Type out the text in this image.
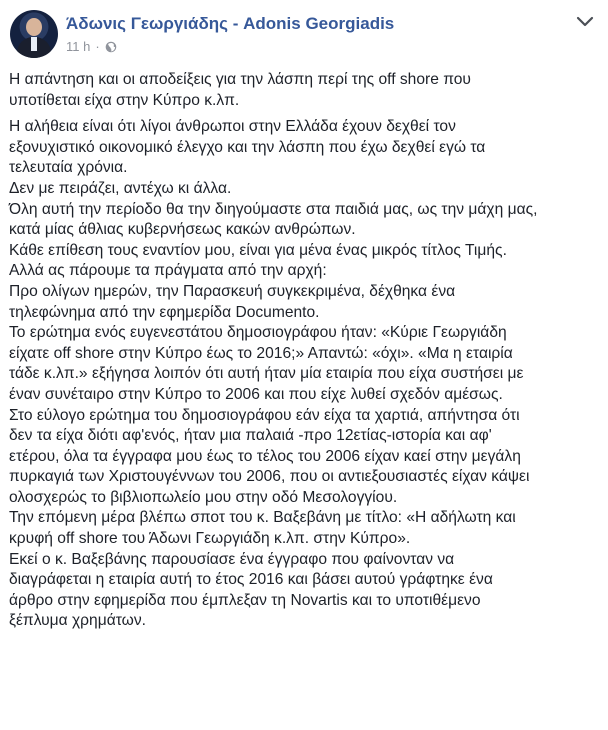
Άδωνις Γεωργιάδης - Adonis Georgiadis
11 h ·

Η απάντηση και οι αποδείξεις για την λάσπη περί της off shore που
υποτίθεται είχα στην Κύπρο κ.λπ.

Η αλήθεια είναι ότι λίγοι άνθρωποι στην Ελλάδα έχουν δεχθεί τον
εξονυχιστικό οικονομικό έλεγχο και την λάσπη που έχω δεχθεί εγώ τα
τελευταία χρόνια.
Δεν με πειράζει, αντέχω κι άλλα.
Όλη αυτή την περίοδο θα την διηγούμαστε στα παιδιά μας, ως την μάχη μας,
κατά μίας άθλιας κυβερνήσεως κακών ανθρώπων.
Κάθε επίθεση τους εναντίον μου, είναι για μένα ένας μικρός τίτλος Τιμής.
Αλλά ας πάρουμε τα πράγματα από την αρχή:
Προ ολίγων ημερών, την Παρασκευή συγκεκριμένα, δέχθηκα ένα
τηλεφώνημα από την εφημερίδα Documento.
Το ερώτημα ενός ευγενεστάτου δημοσιογράφου ήταν: «Κύριε Γεωργιάδη
είχατε off shore στην Κύπρο έως το 2016;» Απαντώ: «όχι». «Μα η εταιρία
τάδε κ.λπ.» εξήγησα λοιπόν ότι αυτή ήταν μία εταιρία που είχα συστήσει με
έναν συνέταιρο στην Κύπρο το 2006 και που είχε λυθεί σχεδόν αμέσως.
Στο εύλογο ερώτημα του δημοσιογράφου εάν είχα τα χαρτιά, απήντησα ότι
δεν τα είχα διότι αφ'ενός, ήταν μια παλαιά -προ 12ετίας-ιστορία και αφ'
ετέρου, όλα τα έγγραφα μου έως το τέλος του 2006 είχαν καεί στην μεγάλη
πυρκαγιά των Χριστουγέννων του 2006, που οι αντιεξουσιαστές είχαν κάψει
ολοσχερώς το βιβλιοπωλείο μου στην οδό Μεσολογγίου.
Την επόμενη μέρα βλέπω σποτ του κ. Βαξεβάνη με τίτλο: «Η αδήλωτη και
κρυφή off shore του Άδωνι Γεωργιάδη κ.λπ. στην Κύπρο».
Εκεί ο κ. Βαξεβάνης παρουσίασε ένα έγγραφο που φαίνονταν να
διαγράφεται η εταιρία αυτή το έτος 2016 και βάσει αυτού γράφτηκε ένα
άρθρο στην εφημερίδα που έμπλεξαν τη Novartis και το υποτιθέμενο
ξέπλυμα χρημάτων.
